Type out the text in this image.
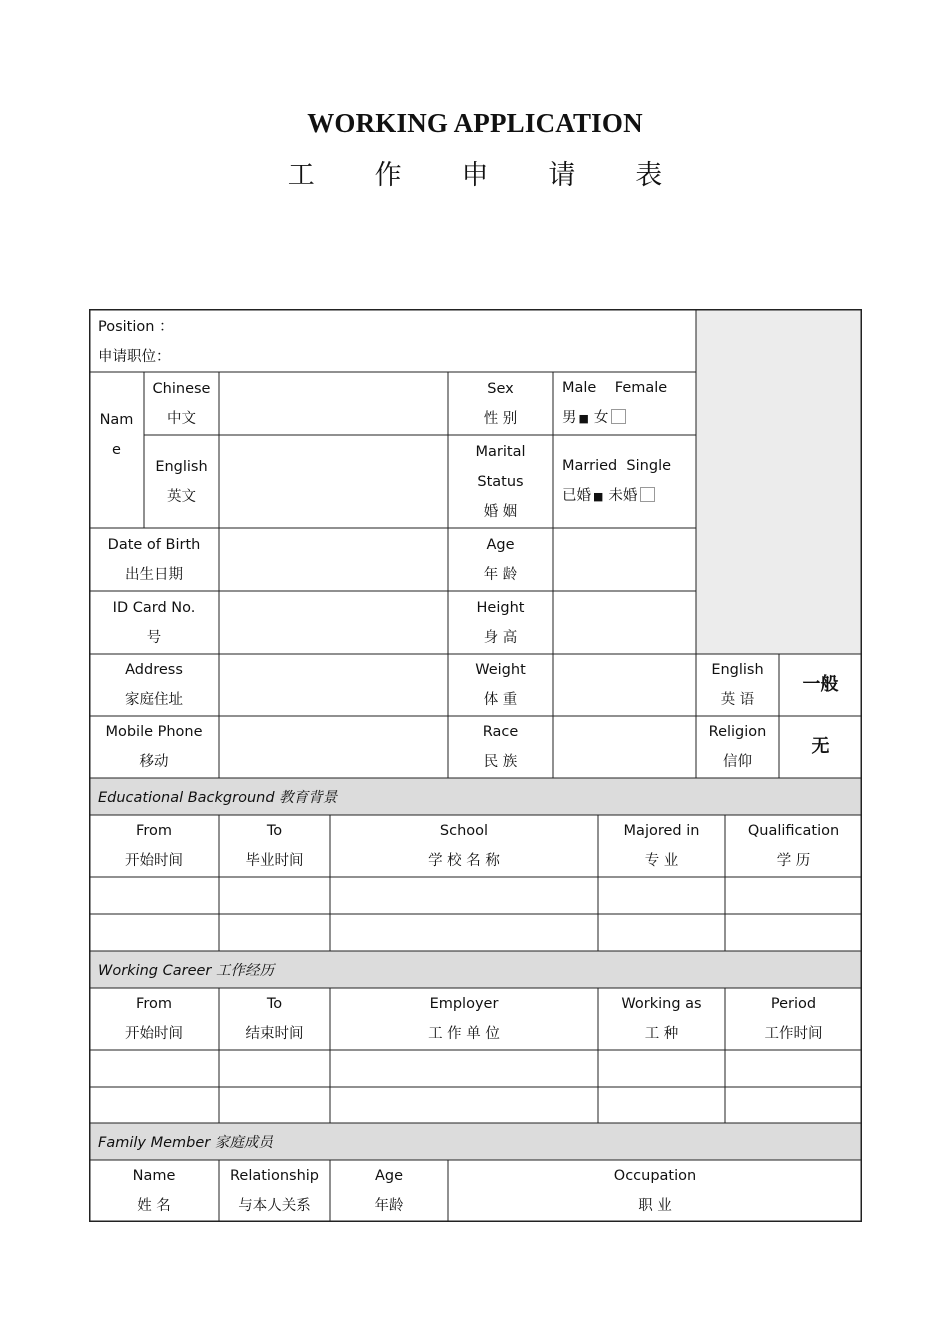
WORKING APPLICATION
工 作 申 请 表
Educational Background 教育背景
Working Career 工作经历
Family Member 家庭成员
Position ：
申请职位：
Nam
e
Chinese
中文
English
英文
Sex
性 别
Male    Female
男 ■ 女
Marital
Status
婚 姻
Married  Single
已婚 ■ 未婚
Date of Birth
出生日期
Age
年 龄
ID Card No.
号
Height
身 高
Address
家庭住址
Weight
体 重
English
英 语
一般
Mobile Phone
移动
Race
民 族
Religion
信仰
无
From
开始时间
To
毕业时间
School
学 校 名 称
Majored in
专 业
Qualification
学 历
From
开始时间
To
结束时间
Employer
工 作 单 位
Working as
工 种
Period
工作时间
Name
姓 名
Relationship
与本人关系
Age
年龄
Occupation
职 业
